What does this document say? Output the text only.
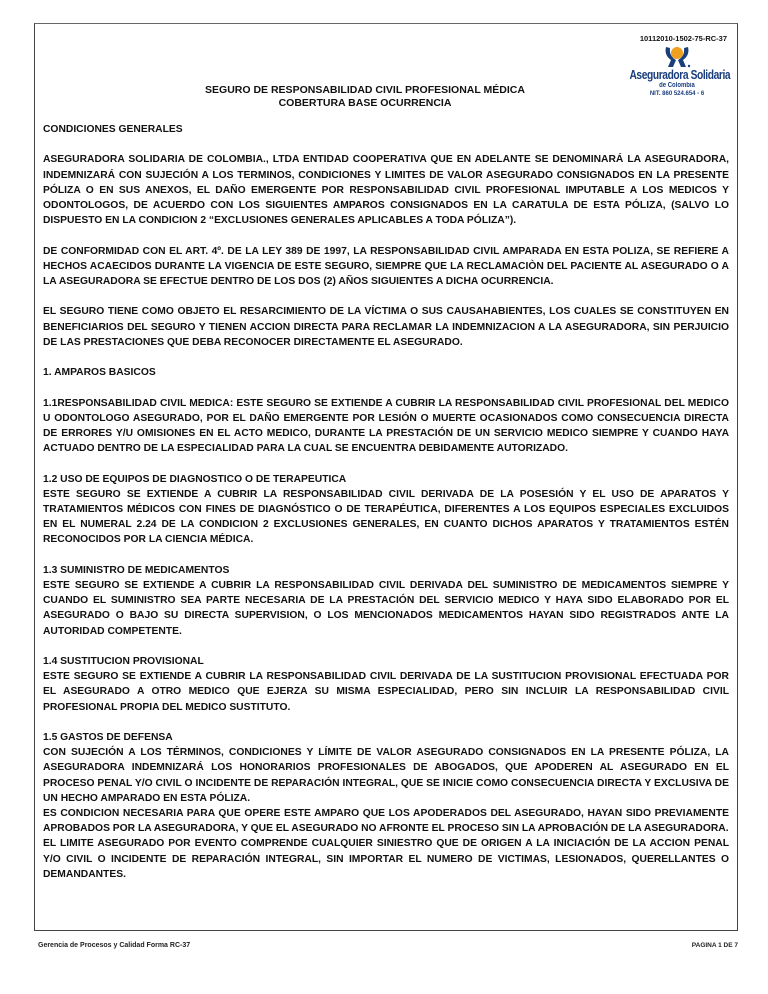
10112010-1502-75-RC-37
Aseguradora Solidaria
de Colombia
NIT. 860 524.654 - 6
SEGURO DE RESPONSABILIDAD CIVIL PROFESIONAL MÉDICA
COBERTURA BASE OCURRENCIA

CONDICIONES GENERALES

ASEGURADORA SOLIDARIA DE COLOMBIA., LTDA ENTIDAD COOPERATIVA QUE EN ADELANTE SE DENOMINARÁ LA ASEGURADORA, INDEMNIZARÁ CON SUJECIÓN A LOS TERMINOS, CONDICIONES Y LIMITES DE VALOR ASEGURADO CONSIGNADOS EN LA PRESENTE PÓLIZA O EN SUS ANEXOS, EL DAÑO EMERGENTE POR RESPONSABILIDAD CIVIL PROFESIONAL IMPUTABLE A LOS MEDICOS Y ODONTOLOGOS, DE ACUERDO CON LOS SIGUIENTES AMPAROS CONSIGNADOS EN LA CARATULA DE ESTA PÓLIZA, (SALVO LO DISPUESTO EN LA CONDICION 2 “EXCLUSIONES GENERALES APLICABLES A TODA PÓLIZA”).

DE CONFORMIDAD CON EL ART. 4º. DE LA LEY 389 DE 1997, LA RESPONSABILIDAD CIVIL AMPARADA EN ESTA POLIZA, SE REFIERE A HECHOS ACAECIDOS DURANTE LA VIGENCIA DE ESTE SEGURO, SIEMPRE QUE LA RECLAMACIÒN DEL PACIENTE AL ASEGURADO O A LA ASEGURADORA SE EFECTUE DENTRO DE LOS DOS (2) AÑOS SIGUIENTES A DICHA OCURRENCIA.

EL SEGURO TIENE COMO OBJETO EL RESARCIMIENTO DE LA VÍCTIMA O SUS CAUSAHABIENTES, LOS CUALES SE CONSTITUYEN EN BENEFICIARIOS DEL SEGURO Y TIENEN ACCION DIRECTA PARA RECLAMAR LA INDEMNIZACION A LA ASEGURADORA, SIN PERJUICIO DE LAS PRESTACIONES QUE DEBA RECONOCER DIRECTAMENTE EL ASEGURADO.

1. AMPAROS BASICOS

1.1RESPONSABILIDAD CIVIL MEDICA: ESTE SEGURO SE EXTIENDE A CUBRIR LA RESPONSABILIDAD CIVIL PROFESIONAL DEL MEDICO U ODONTOLOGO ASEGURADO, POR EL DAÑO EMERGENTE POR LESIÓN O MUERTE OCASIONADOS COMO CONSECUENCIA DIRECTA DE ERRORES Y/U OMISIONES EN EL ACTO MEDICO, DURANTE LA PRESTACIÓN DE UN SERVICIO MEDICO SIEMPRE Y CUANDO HAYA ACTUADO DENTRO DE LA ESPECIALIDAD PARA LA CUAL SE ENCUENTRA DEBIDAMENTE AUTORIZADO.

1.2 USO DE EQUIPOS DE DIAGNOSTICO O DE TERAPEUTICA

ESTE SEGURO SE EXTIENDE A CUBRIR LA RESPONSABILIDAD CIVIL DERIVADA DE LA POSESIÓN Y EL USO DE APARATOS Y TRATAMIENTOS MÉDICOS CON FINES DE DIAGNÓSTICO O DE TERAPÉUTICA, DIFERENTES A LOS EQUIPOS ESPECIALES EXCLUIDOS EN EL NUMERAL 2.24 DE LA CONDICION 2 EXCLUSIONES GENERALES, EN CUANTO DICHOS APARATOS Y TRATAMIENTOS ESTÉN RECONOCIDOS POR LA CIENCIA MÉDICA.

1.3 SUMINISTRO DE MEDICAMENTOS

ESTE SEGURO SE EXTIENDE A CUBRIR LA RESPONSABILIDAD CIVIL DERIVADA DEL SUMINISTRO DE MEDICAMENTOS SIEMPRE Y CUANDO EL SUMINISTRO SEA PARTE NECESARIA DE LA PRESTACIÓN DEL SERVICIO MEDICO Y HAYA SIDO ELABORADO POR EL ASEGURADO O BAJO SU DIRECTA SUPERVISION, O LOS MENCIONADOS MEDICAMENTOS HAYAN SIDO REGISTRADOS ANTE LA AUTORIDAD COMPETENTE.

1.4 SUSTITUCION PROVISIONAL

ESTE SEGURO SE EXTIENDE A CUBRIR LA RESPONSABILIDAD CIVIL DERIVADA DE LA SUSTITUCION PROVISIONAL EFECTUADA POR EL ASEGURADO A OTRO MEDICO QUE EJERZA SU MISMA ESPECIALIDAD, PERO SIN INCLUIR LA RESPONSABILIDAD CIVIL PROFESIONAL PROPIA DEL MEDICO SUSTITUTO.

1.5 GASTOS DE DEFENSA

CON SUJECIÓN A LOS TÉRMINOS, CONDICIONES Y LÍMITE DE VALOR ASEGURADO CONSIGNADOS EN LA PRESENTE PÓLIZA, LA ASEGURADORA INDEMNIZARÁ LOS HONORARIOS PROFESIONALES DE ABOGADOS, QUE APODEREN AL ASEGURADO EN EL PROCESO PENAL Y/O CIVIL O INCIDENTE DE REPARACIÓN INTEGRAL, QUE SE INICIE COMO CONSECUENCIA DIRECTA Y EXCLUSIVA DE UN HECHO AMPARADO EN ESTA PÓLIZA.

ES CONDICION NECESARIA PARA QUE OPERE ESTE AMPARO QUE LOS APODERADOS DEL ASEGURADO, HAYAN SIDO PREVIAMENTE APROBADOS POR LA ASEGURADORA, Y QUE EL ASEGURADO NO AFRONTE EL PROCESO SIN LA APROBACIÓN DE LA ASEGURADORA.

EL LIMITE ASEGURADO POR EVENTO COMPRENDE CUALQUIER SINIESTRO QUE DE ORIGEN A LA INICIACIÓN DE LA ACCION PENAL Y/O CIVIL O INCIDENTE DE REPARACIÓN INTEGRAL, SIN IMPORTAR EL NUMERO DE VICTIMAS, LESIONADOS, QUERELLANTES O DEMANDANTES.

Gerencia de Procesos y Calidad Forma RC-37	PAGINA 1 DE 7
